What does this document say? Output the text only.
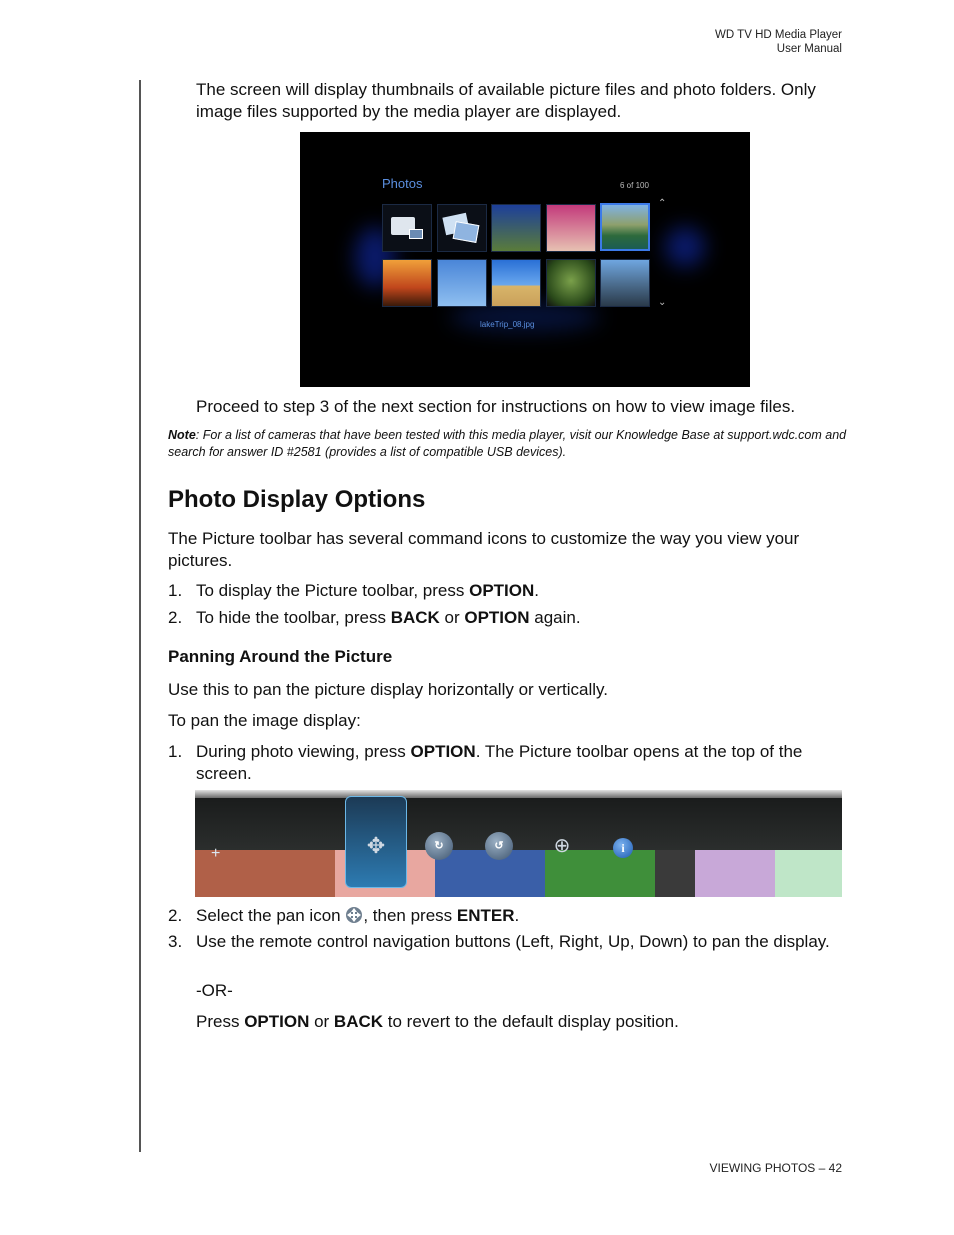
WD TV HD Media Player
User Manual
The screen will display thumbnails of available picture files and photo folders. Only image files supported by the media player are displayed.
Photos	6 of 100
⌃
⌄
lakeTrip_08.jpg
Proceed to step 3 of the next section for instructions on how to view image files.
Note: For a list of cameras that have been tested with this media player, visit our Knowledge Base at support.wdc.com and search for answer ID #2581 (provides a list of compatible USB devices).
Photo Display Options
The Picture toolbar has several command icons to customize the way you view your pictures.
1. To display the Picture toolbar, press OPTION.
2. To hide the toolbar, press BACK or OPTION again.
Panning Around the Picture
Use this to pan the picture display horizontally or vertically.
To pan the image display:
1. During photo viewing, press OPTION. The Picture toolbar opens at the top of the screen.
+	✥	↻	↺	⊕	i
2. Select the pan icon , then press ENTER.
3. Use the remote control navigation buttons (Left, Right, Up, Down) to pan the display.
-OR-
Press OPTION or BACK to revert to the default display position.
VIEWING PHOTOS – 42
